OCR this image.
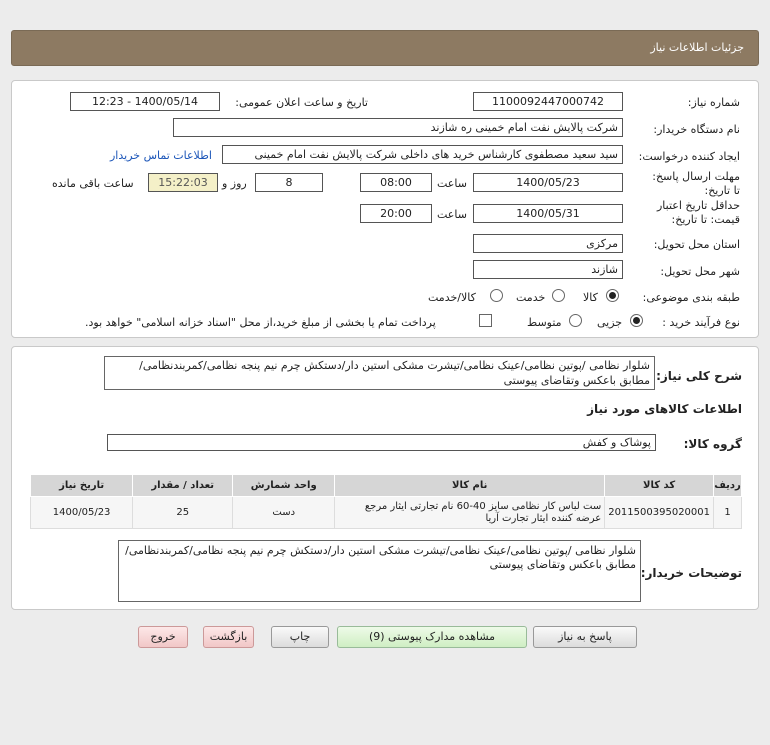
جزئیات اطلاعات نیاز
شماره نیاز:
1100092447000742
تاریخ و ساعت اعلان عمومی:
1400/05/14 - 12:23
نام دستگاه خریدار:
شرکت پالایش نفت امام خمینی ره شازند
ایجاد کننده درخواست:
سید سعید مصطفوی کارشناس خرید های داخلی شرکت پالایش نفت امام خمینی
اطلاعات تماس خریدار
مهلت ارسال پاسخ: تا تاریخ:
1400/05/23
ساعت
08:00
8
روز و
15:22:03
ساعت باقی مانده
حداقل تاریخ اعتبار قیمت: تا تاریخ:
1400/05/31
ساعت
20:00
استان محل تحویل:
مرکزی
شهر محل تحویل:
شازند
طبقه بندی موضوعی:
کالا
خدمت
کالا/خدمت
نوع فرآیند خرید :
جزیی
متوسط
پرداخت تمام یا بخشی از مبلغ خرید،از محل "اسناد خزانه اسلامی" خواهد بود.
شرح کلی نیاز:
شلوار نظامی /پوتین نظامی/عینک نظامی/تیشرت مشکی استین دار/دستکش چرم نیم پنجه نظامی/کمربندنظامی/مطابق باعکس وتقاضای پیوستی
اطلاعات کالاهای مورد نیاز
گروه کالا:
پوشاک و کفش
ردیف	کد کالا	نام کالا	واحد شمارش	تعداد / مقدار	تاریخ نیاز
1	2011500395020001	ست لباس کار نظامی سایز 40-60 نام تجارتی ایثار مرجع عرضه کننده ایثار تجارت آریا	دست	25	1400/05/23
توضیحات خریدار:
شلوار نظامی /پوتین نظامی/عینک نظامی/تیشرت مشکی استین دار/دستکش چرم نیم پنجه نظامی/کمربندنظامی/مطابق باعکس وتقاضای پیوستی
پاسخ به نیاز
مشاهده مدارک پیوستی (9)
چاپ
بازگشت
خروج
